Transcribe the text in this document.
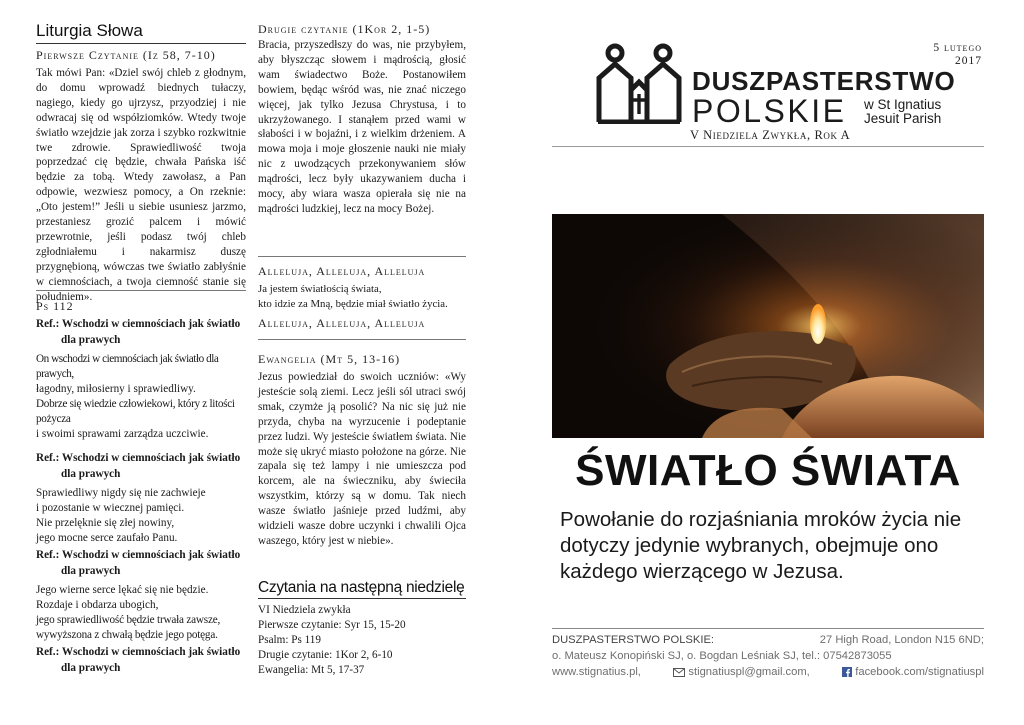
Liturgia Słowa
Pierwsze Czytanie (Iz 58, 7-10)
Tak mówi Pan: «Dziel swój chleb z głodnym, do domu wprowadź biednych tułaczy, nagiego, kiedy go ujrzysz, przyodziej i nie odwracaj się od współziomków. Wtedy twoje światło wzejdzie jak zorza i szybko rozkwitnie twe zdrowie. Sprawiedliwość twoja poprzedzać cię będzie, chwała Pańska iść będzie za tobą. Wtedy zawołasz, a Pan odpowie, wezwiesz pomocy, a On rzeknie: „Oto jestem!” Jeśli u siebie usuniesz jarzmo, przestaniesz grozić palcem i mówić przewrotnie, jeśli podasz twój chleb zgłodniałemu i nakarmisz duszę przygnębioną, wówczas twe światło zabłyśnie w ciemnościach, a twoja ciemność stanie się południem».
Ps 112
Ref.: Wschodzi w ciemnościach jak światło dla prawych
On wschodzi w ciemnościach jak światło dla prawych,
łagodny, miłosierny i sprawiedliwy.
Dobrze się wiedzie człowiekowi, który z litości pożycza
i swoimi sprawami zarządza uczciwie.
Ref.: Wschodzi w ciemnościach jak światło dla prawych
Sprawiedliwy nigdy się nie zachwieje
i pozostanie w wiecznej pamięci.
Nie przelęknie się złej nowiny,
jego mocne serce zaufało Panu.
Ref.: Wschodzi w ciemnościach jak światło dla prawych
Jego wierne serce lękać się nie będzie.
Rozdaje i obdarza ubogich,
jego sprawiedliwość będzie trwała zawsze,
wywyższona z chwałą będzie jego potęga.
Ref.: Wschodzi w ciemnościach jak światło dla prawych
Drugie czytanie (1Kor 2, 1-5)
Bracia, przyszedłszy do was, nie przybyłem, aby błyszcząc słowem i mądrością, głosić wam świadectwo Boże. Postanowiłem bowiem, będąc wśród was, nie znać niczego więcej, jak tylko Jezusa Chrystusa, i to ukrzyżowanego. I stanąłem przed wami w słabości i w bojaźni, i z wielkim drżeniem. A mowa moja i moje głoszenie nauki nie miały nic z uwodzących przekonywaniem słów mądrości, lecz były ukazywaniem ducha i mocy, aby wiara wasza opierała się nie na mądrości ludzkiej, lecz na mocy Bożej.
Alleluja, Alleluja, Alleluja
Ja jestem światłością świata,
kto idzie za Mną, będzie miał światło życia.
Alleluja, Alleluja, Alleluja
Ewangelia (Mt 5, 13-16)
Jezus powiedział do swoich uczniów: «Wy jesteście solą ziemi. Lecz jeśli sól utraci swój smak, czymże ją posolić? Na nic się już nie przyda, chyba na wyrzucenie i podeptanie przez ludzi. Wy jesteście światłem świata. Nie może się ukryć miasto położone na górze. Nie zapala się też lampy i nie umieszcza pod korcem, ale na świeczniku, aby świeciła wszystkim, którzy są w domu. Tak niech wasze światło jaśnieje przed ludźmi, aby widzieli wasze dobre uczynki i chwalili Ojca waszego, który jest w niebie».
Czytania na następną niedzielę
VI Niedziela zwykła
Pierwsze czytanie: Syr 15, 15-20
Psalm: Ps 119
Drugie czytanie: 1Kor 2, 6-10
Ewangelia: Mt 5, 17-37
5 lutego
2017
DUSZPASTERSTWO
POLSKIE w St Ignatius
Jesuit Parish
V Niedziela Zwykła, Rok A
ŚWIATŁO ŚWIATA
Powołanie do rozjaśniania mroków życia nie dotyczy jedynie wybranych, obejmuje ono każdego wierzącego w Jezusa.
DUSZPASTERSTWO POLSKIE:	27 High Road, London N15 6ND;
o. Mateusz Konopiński SJ, o. Bogdan Leśniak SJ, tel.: 07542873055
www.stignatius.pl,	stignatiuspl@gmail.com,	facebook.com/stignatiuspl
